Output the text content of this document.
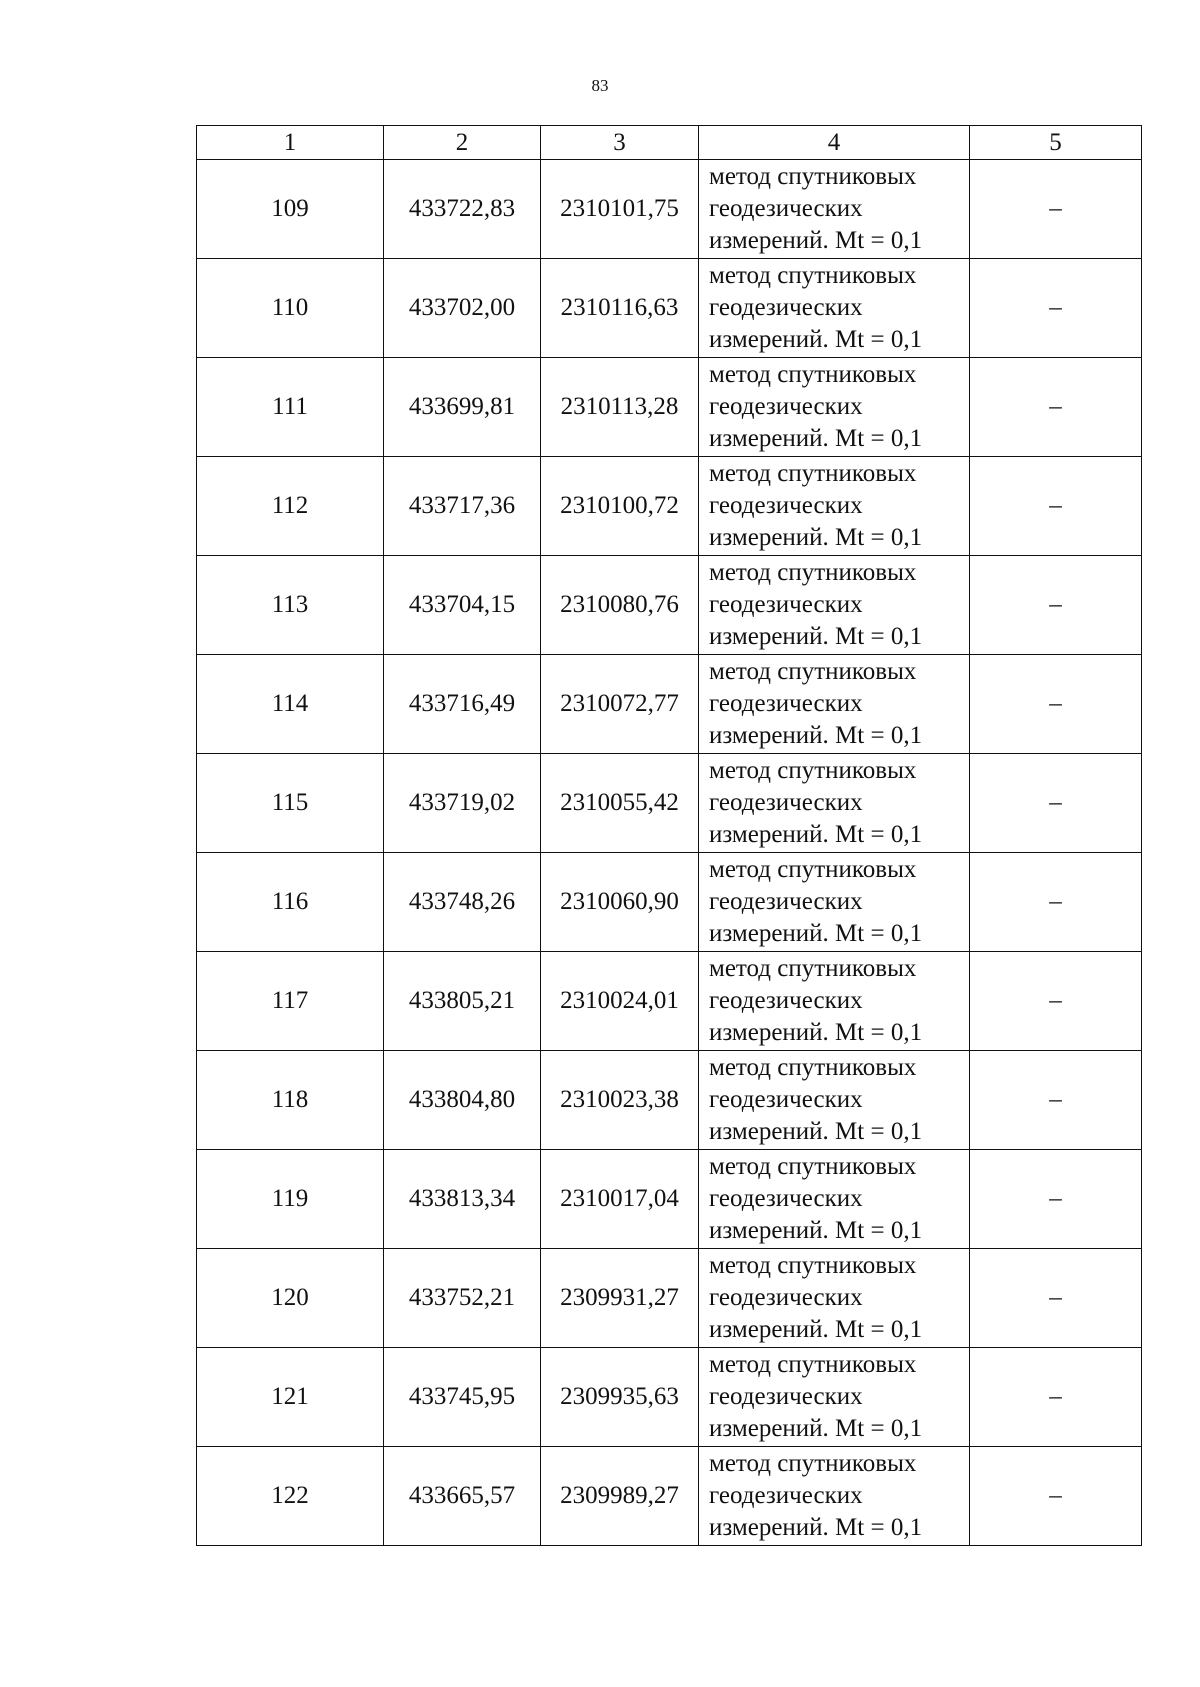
83
1	2	3	4	5
109	433722,83	2310101,75	метод спутниковых
геодезических
измерений. Mt = 0,1	–
110	433702,00	2310116,63	метод спутниковых
геодезических
измерений. Mt = 0,1	–
111	433699,81	2310113,28	метод спутниковых
геодезических
измерений. Mt = 0,1	–
112	433717,36	2310100,72	метод спутниковых
геодезических
измерений. Mt = 0,1	–
113	433704,15	2310080,76	метод спутниковых
геодезических
измерений. Mt = 0,1	–
114	433716,49	2310072,77	метод спутниковых
геодезических
измерений. Mt = 0,1	–
115	433719,02	2310055,42	метод спутниковых
геодезических
измерений. Mt = 0,1	–
116	433748,26	2310060,90	метод спутниковых
геодезических
измерений. Mt = 0,1	–
117	433805,21	2310024,01	метод спутниковых
геодезических
измерений. Mt = 0,1	–
118	433804,80	2310023,38	метод спутниковых
геодезических
измерений. Mt = 0,1	–
119	433813,34	2310017,04	метод спутниковых
геодезических
измерений. Mt = 0,1	–
120	433752,21	2309931,27	метод спутниковых
геодезических
измерений. Mt = 0,1	–
121	433745,95	2309935,63	метод спутниковых
геодезических
измерений. Mt = 0,1	–
122	433665,57	2309989,27	метод спутниковых
геодезических
измерений. Mt = 0,1	–
